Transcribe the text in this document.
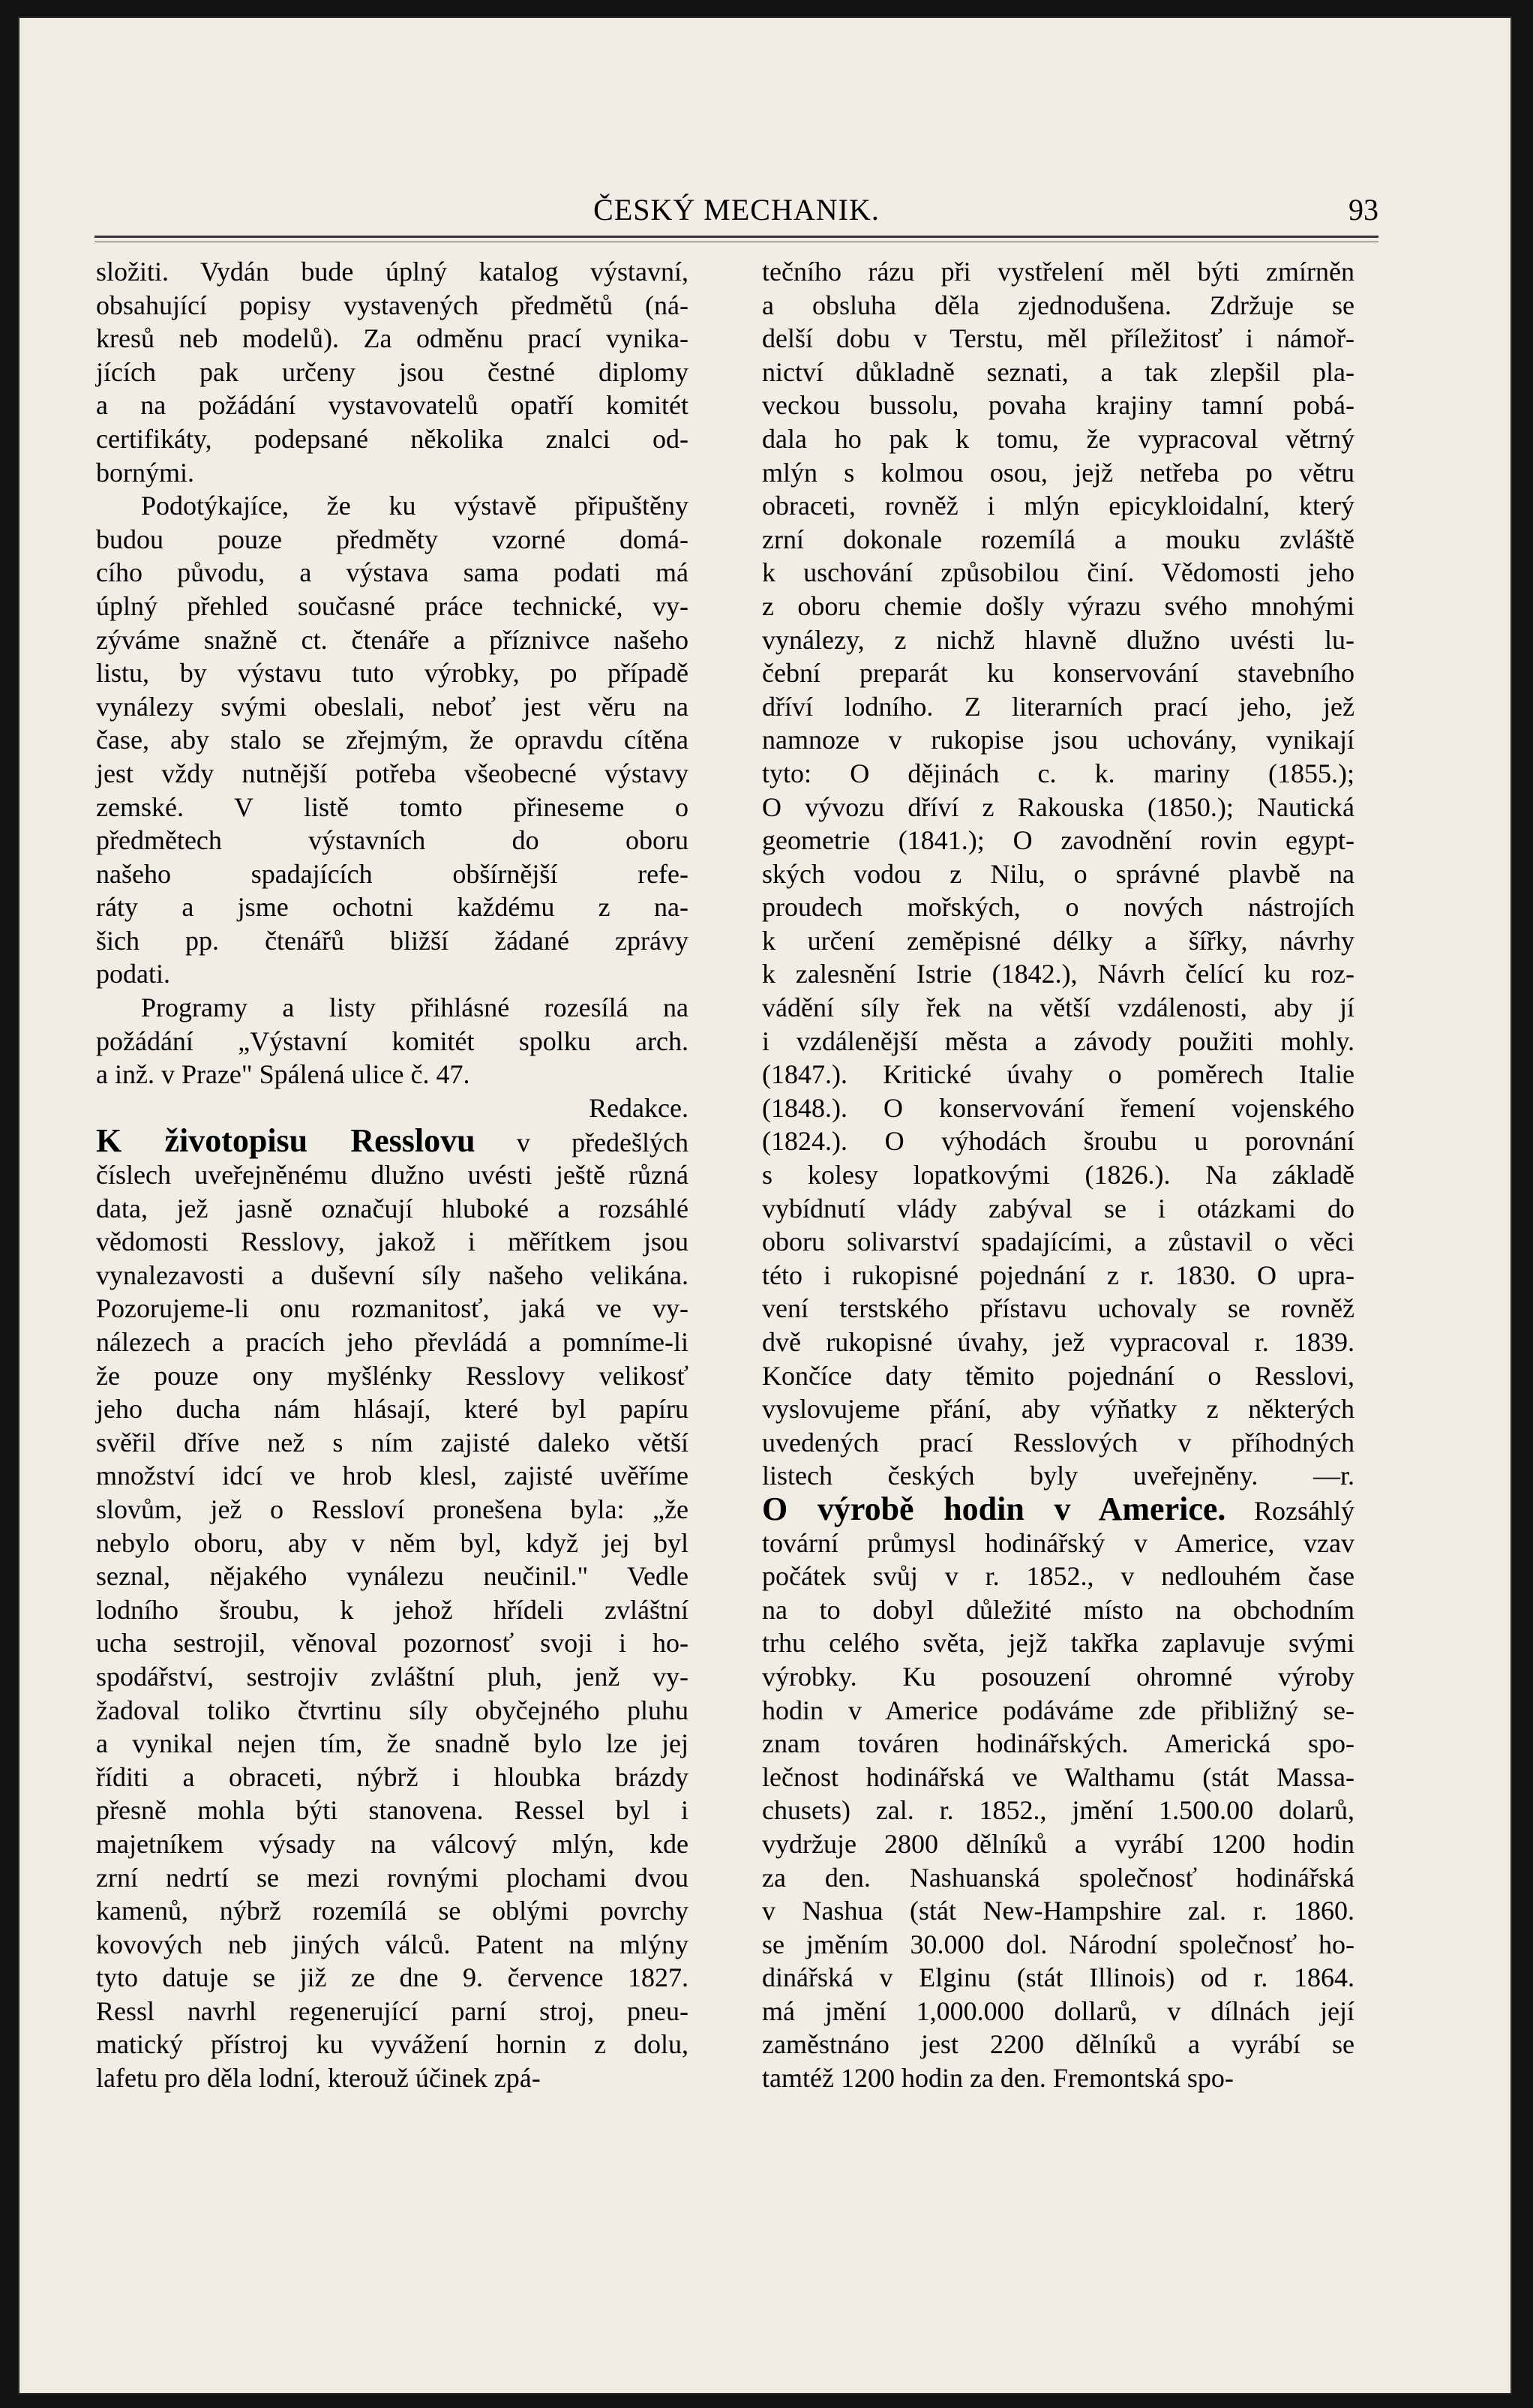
ČESKÝ MECHANIK.	93
složiti. Vydán bude úplný katalog výstavní,
obsahující popisy vystavených předmětů (ná-
kresů neb modelů). Za odměnu prací vynika-
jících pak určeny jsou čestné diplomy
a na požádání vystavovatelů opatří komitét
certifikáty, podepsané několika znalci od-
bornými.
Podotýkajíce, že ku výstavě připuštěny
budou pouze předměty vzorné domá-
cího původu, a výstava sama podati má
úplný přehled současné práce technické, vy-
zýváme snažně ct. čtenáře a příznivce našeho
listu, by výstavu tuto výrobky, po případě
vynálezy svými obeslali, neboť jest věru na
čase, aby stalo se zřejmým, že opravdu cítěna
jest vždy nutnější potřeba všeobecné výstavy
zemské. V listě tomto přineseme o
předmětech výstavních do oboru
našeho spadajících obšírnější refe-
ráty a jsme ochotni každému z na-
šich pp. čtenářů bližší žádané zprávy
podati.
Programy a listy přihlásné rozesílá na
požádání „Výstavní komitét spolku arch.
a inž. v Praze" Spálená ulice č. 47.
Redakce.
K životopisu Resslovu v předešlých
číslech uveřejněnému dlužno uvésti ještě různá
data, jež jasně označují hluboké a rozsáhlé
vědomosti Resslovy, jakož i měřítkem jsou
vynalezavosti a duševní síly našeho velikána.
Pozorujeme-li onu rozmanitosť, jaká ve vy-
nálezech a pracích jeho převládá a pomníme-li
že pouze ony myšlénky Resslovy velikosť
jeho ducha nám hlásají, které byl papíru
svěřil dříve než s ním zajisté daleko větší
množství idcí ve hrob klesl, zajisté uvěříme
slovům, jež o Ressloví pronešena byla: „že
nebylo oboru, aby v něm byl, když jej byl
seznal, nějakého vynálezu neučinil." Vedle
lodního šroubu, k jehož hřídeli zvláštní
ucha sestrojil, věnoval pozornosť svoji i ho-
spodářství, sestrojiv zvláštní pluh, jenž vy-
žadoval toliko čtvrtinu síly obyčejného pluhu
a vynikal nejen tím, že snadně bylo lze jej
říditi a obraceti, nýbrž i hloubka brázdy
přesně mohla býti stanovena. Ressel byl i
majetníkem výsady na válcový mlýn, kde
zrní nedrtí se mezi rovnými plochami dvou
kamenů, nýbrž rozemílá se oblými povrchy
kovových neb jiných válců. Patent na mlýny
tyto datuje se již ze dne 9. července 1827.
Ressl navrhl regenerující parní stroj, pneu-
matický přístroj ku vyvážení hornin z dolu,
lafetu pro děla lodní, kterouž účinek zpá-
tečního rázu při vystřelení měl býti zmírněn
a obsluha děla zjednodušena. Zdržuje se
delší dobu v Terstu, měl příležitosť i námoř-
nictví důkladně seznati, a tak zlepšil pla-
veckou bussolu, povaha krajiny tamní pobá-
dala ho pak k tomu, že vypracoval větrný
mlýn s kolmou osou, jejž netřeba po větru
obraceti, rovněž i mlýn epicykloidalní, který
zrní dokonale rozemílá a mouku zvláště
k uschování způsobilou činí. Vědomosti jeho
z oboru chemie došly výrazu svého mnohými
vynálezy, z nichž hlavně dlužno uvésti lu-
čební preparát ku konservování stavebního
dříví lodního. Z literarních prací jeho, jež
namnoze v rukopise jsou uchovány, vynikají
tyto: O dějinách c. k. mariny (1855.);
O vývozu dříví z Rakouska (1850.); Nautická
geometrie (1841.); O zavodnění rovin egypt-
ských vodou z Nilu, o správné plavbě na
proudech mořských, o nových nástrojích
k určení zeměpisné délky a šířky, návrhy
k zalesnění Istrie (1842.), Návrh čelící ku roz-
vádění síly řek na větší vzdálenosti, aby jí
i vzdálenější města a závody použiti mohly.
(1847.). Kritické úvahy o poměrech Italie
(1848.). O konservování řemení vojenského
(1824.). O výhodách šroubu u porovnání
s kolesy lopatkovými (1826.). Na základě
vybídnutí vlády zabýval se i otázkami do
oboru solivarství spadajícími, a zůstavil o věci
této i rukopisné pojednání z r. 1830. O upra-
vení terstského přístavu uchovaly se rovněž
dvě rukopisné úvahy, jež vypracoval r. 1839.
Končíce daty těmito pojednání o Resslovi,
vyslovujeme přání, aby výňatky z některých
uvedených prací Resslových v příhodných
listech českých byly uveřejněny. —r.
O výrobě hodin v Americe. Rozsáhlý
tovární průmysl hodinářský v Americe, vzav
počátek svůj v r. 1852., v nedlouhém čase
na to dobyl důležité místo na obchodním
trhu celého světa, jejž takřka zaplavuje svými
výrobky. Ku posouzení ohromné výroby
hodin v Americe podáváme zde přibližný se-
znam továren hodinářských. Americká spo-
lečnost hodinářská ve Walthamu (stát Massa-
chusets) zal. r. 1852., jmění 1.500.00 dolarů,
vydržuje 2800 dělníků a vyrábí 1200 hodin
za den. Nashuanská společnosť hodinářská
v Nashua (stát New-Hampshire zal. r. 1860.
se jměním 30.000 dol. Národní společnosť ho-
dinářská v Elginu (stát Illinois) od r. 1864.
má jmění 1,000.000 dollarů, v dílnách její
zaměstnáno jest 2200 dělníků a vyrábí se
tamtéž 1200 hodin za den. Fremontská spo-
